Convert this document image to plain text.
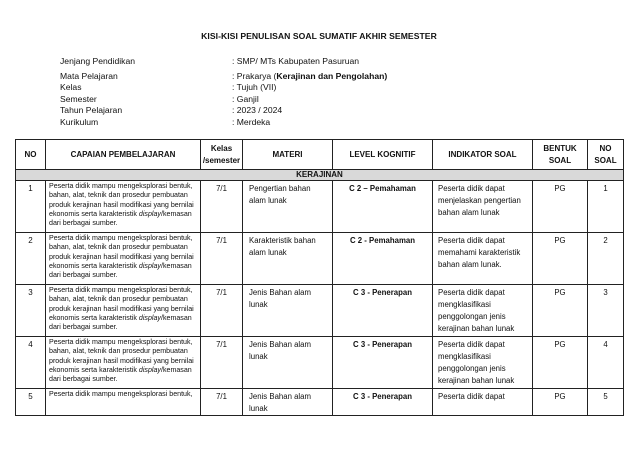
KISI-KISI PENULISAN SOAL SUMATIF AKHIR SEMESTER
Jenjang Pendidikan	: SMP/ MTs Kabupaten Pasuruan
Mata Pelajaran	: Prakarya (Kerajinan dan Pengolahan)
Kelas	: Tujuh (VII)
Semester	: Ganjil
Tahun Pelajaran	: 2023 / 2024
Kurikulum	: Merdeka
NO	CAPAIAN PEMBELAJARAN	Kelas /semester	MATERI	LEVEL KOGNITIF	INDIKATOR SOAL	BENTUK SOAL	NO SOAL
KERAJINAN							
1	Peserta didik mampu mengeksplorasi bentuk, bahan, alat, teknik dan prosedur pembuatan produk kerajinan hasil modifikasi yang bernilai ekonomis serta karakteristik display/kemasan dari berbagai sumber.	7/1	Pengertian bahan alam lunak	C 2 – Pemahaman	Peserta didik dapat menjelaskan pengertian bahan alam lunak	PG	1
2	Peserta didik mampu mengeksplorasi bentuk, bahan, alat, teknik dan prosedur pembuatan produk kerajinan hasil modifikasi yang bernilai ekonomis serta karakteristik display/kemasan dari berbagai sumber.	7/1	Karakteristik bahan alam lunak	C 2 - Pemahaman	Peserta didik dapat memahami karakteristik bahan alam lunak.	PG	2
3	Peserta didik mampu mengeksplorasi bentuk, bahan, alat, teknik dan prosedur pembuatan produk kerajinan hasil modifikasi yang bernilai ekonomis serta karakteristik display/kemasan dari berbagai sumber.	7/1	Jenis Bahan alam lunak	C 3 - Penerapan	Peserta didik dapat mengklasifikasi penggolongan jenis kerajinan bahan lunak	PG	3
4	Peserta didik mampu mengeksplorasi bentuk, bahan, alat, teknik dan prosedur pembuatan produk kerajinan hasil modifikasi yang bernilai ekonomis serta karakteristik display/kemasan dari berbagai sumber.	7/1	Jenis Bahan alam lunak	C 3 - Penerapan	Peserta didik dapat mengklasifikasi penggolongan jenis kerajinan bahan lunak	PG	4
5	Peserta didik mampu mengeksplorasi bentuk,	7/1	Jenis Bahan alam lunak	C 3 - Penerapan	Peserta didik dapat	PG	5
